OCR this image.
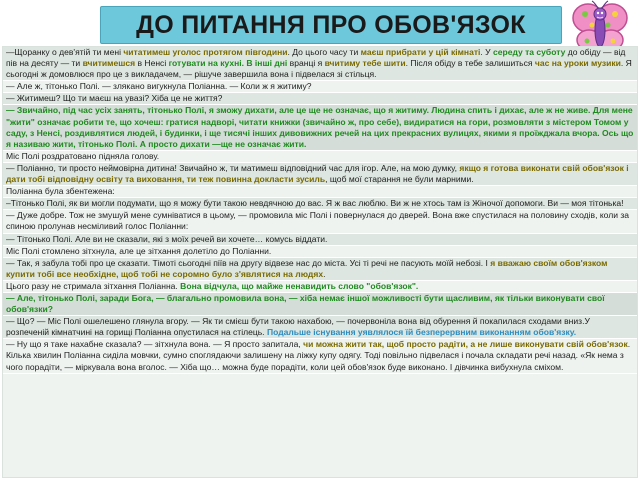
ДО ПИТАННЯ ПРО ОБОВ'ЯЗОК
—Щоранку о дев'ятій ти мені читатимеш уголос протягом півгодини. До цього часу ти маєш прибрати у цій кімнаті. У середу та суботу до обіду — від пів на десяту — ти вчитимешся в Ненсі готувати на кухні. В інші дні вранці я вчитиму тебе шити. Після обіду в тебе залишиться час на уроки музики. Я сьогодні ж домовлюся про це з викладачем, — рішуче завершила вона і підвелася зі стільця.
— Але ж, тітонько Полі. — злякано вигукнула Поліанна. — Коли ж я житиму?
— Житимеш? Що ти маєш на увазі? Хіба це не життя?
— Звичайно, під час усіх занять, тітонько Полі, я зможу дихати, але це ще не означає, що я житиму. Людина спить і дихає, але ж не живе. Для мене "жити" означає робити те, що хочеш: гратися надворі, читати книжки (звичайно ж, про себе), видиратися на гори, розмовляти з містером Томом у саду, з Ненсі, роздивлятися людей, і будинки, і ще тисячі інших дивовижних речей на цих прекрасних вулицях, якими я проїжджала вчора. Ось що я називаю жити, тітонько Полі. А просто дихати —ще не означає жити.
Міс Полі роздратовано підняла голову.
— Поліанно, ти просто неймовірна дитина! Звичайно ж, ти матимеш відповідний час для ігор. Але, на мою думку, якщо я готова виконати свій обов'язок і дати тобі відповідну освіту та виховання, ти теж повинна докласти зусиль, щоб мої старання не були марними.
Поліанна була збентежена:
–Тітонько Полі, як ви могли подумати, що я можу бути такою невдячною до вас. Я ж вас люблю. Ви ж не хтось там із Жіночої допомоги. Ви — моя тітонька!
— Дуже добре. Тож не змушуй мене сумніватися в цьому, — промовила міс Полі і повернулася до дверей. Вона вже спустилася на половину сходів, коли за спиною пролунав несміливий голос Поліанни:
— Тітонько Полі. Але ви не сказали, які з моїх речей ви хочете… комусь віддати.
Міс Полі стомлено зітхнула, але це зітхання долетіло до Поліанни.
— Так, я забула тобі про це сказати. Тімоті сьогодні піїв на другу відвезе нас до міста. Усі ті речі не пасують моїй небозі. І я вважаю своїм обов'язком купити тобі все необхідне, щоб тобі не соромно було з'являтися на людях.
Цього разу не стримала зітхання Поліанна. Вона відчула, що майже ненавидить слово "обов'язок".
— Але, тітонько Полі, заради Бога, — благально промовила вона, — хіба немає іншої можливості бути щасливим, як тільки виконувати свої обов'язки?
— Що? — Міс Полі ошелешено глянула вгору. — Як ти смієш бути такою нахабою, — почервоніла вона від обурення й покапилася сходами вниз.У розпеченій кімнатчині на горищі Поліанна опустилася на стілець. Подальше існування уявлялося їй безперервним виконанням обов'язку.
— Ну що я таке нахабне сказала? — зітхнула вона. — Я просто запитала, чи можна жити так, щоб просто радіти, а не лише виконувати свій обов'язок. Кілька хвилин Поліанна сиділа мовчки, сумно споглядаючи залишену на ліжку купу одягу. Тоді повільно підвелася і почала складати речі назад. «Як нема з чого порадіти, — міркувала вона вголос. — Хіба що… можна буде порадіти, коли цей обов'язок буде виконано. І дівчинка вибухнула сміхом.
